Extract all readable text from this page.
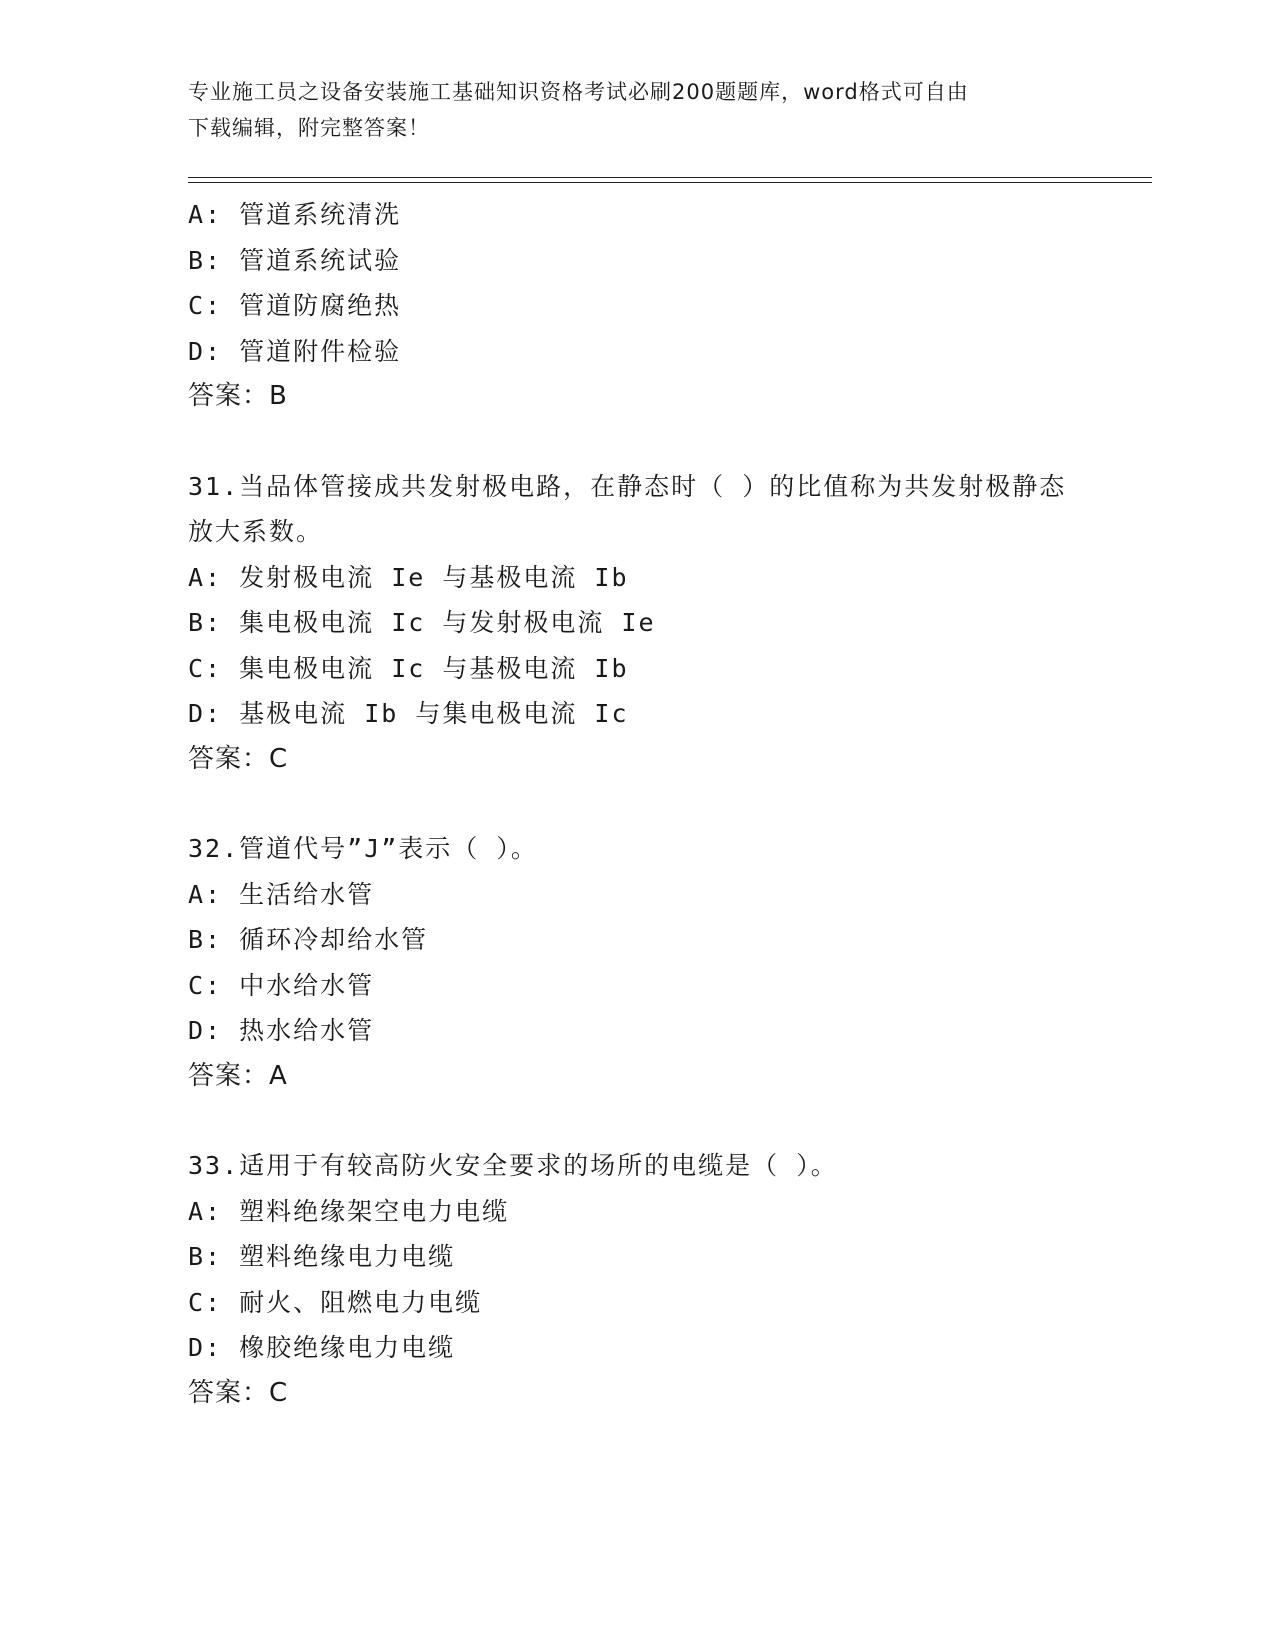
专业施工员之设备安装施工基础知识资格考试必刷200题题库，word格式可自由
下载编辑，附完整答案！
A: 管道系统清洗
B: 管道系统试验
C: 管道防腐绝热
D: 管道附件检验
答案：B
31.当品体管接成共发射极电路，在静态时（ ）的比值称为共发射极静态放大系数。
A: 发射极电流 Ie 与基极电流 Ib
B: 集电极电流 Ic 与发射极电流 Ie
C: 集电极电流 Ic 与基极电流 Ib
D: 基极电流 Ib 与集电极电流 Ic
答案：C
32.管道代号”J”表示（ ）。
A: 生活给水管
B: 循环冷却给水管
C: 中水给水管
D: 热水给水管
答案：A
33.适用于有较高防火安全要求的场所的电缆是（ ）。
A: 塑料绝缘架空电力电缆
B: 塑料绝缘电力电缆
C: 耐火、阻燃电力电缆
D: 橡胶绝缘电力电缆
答案：C
